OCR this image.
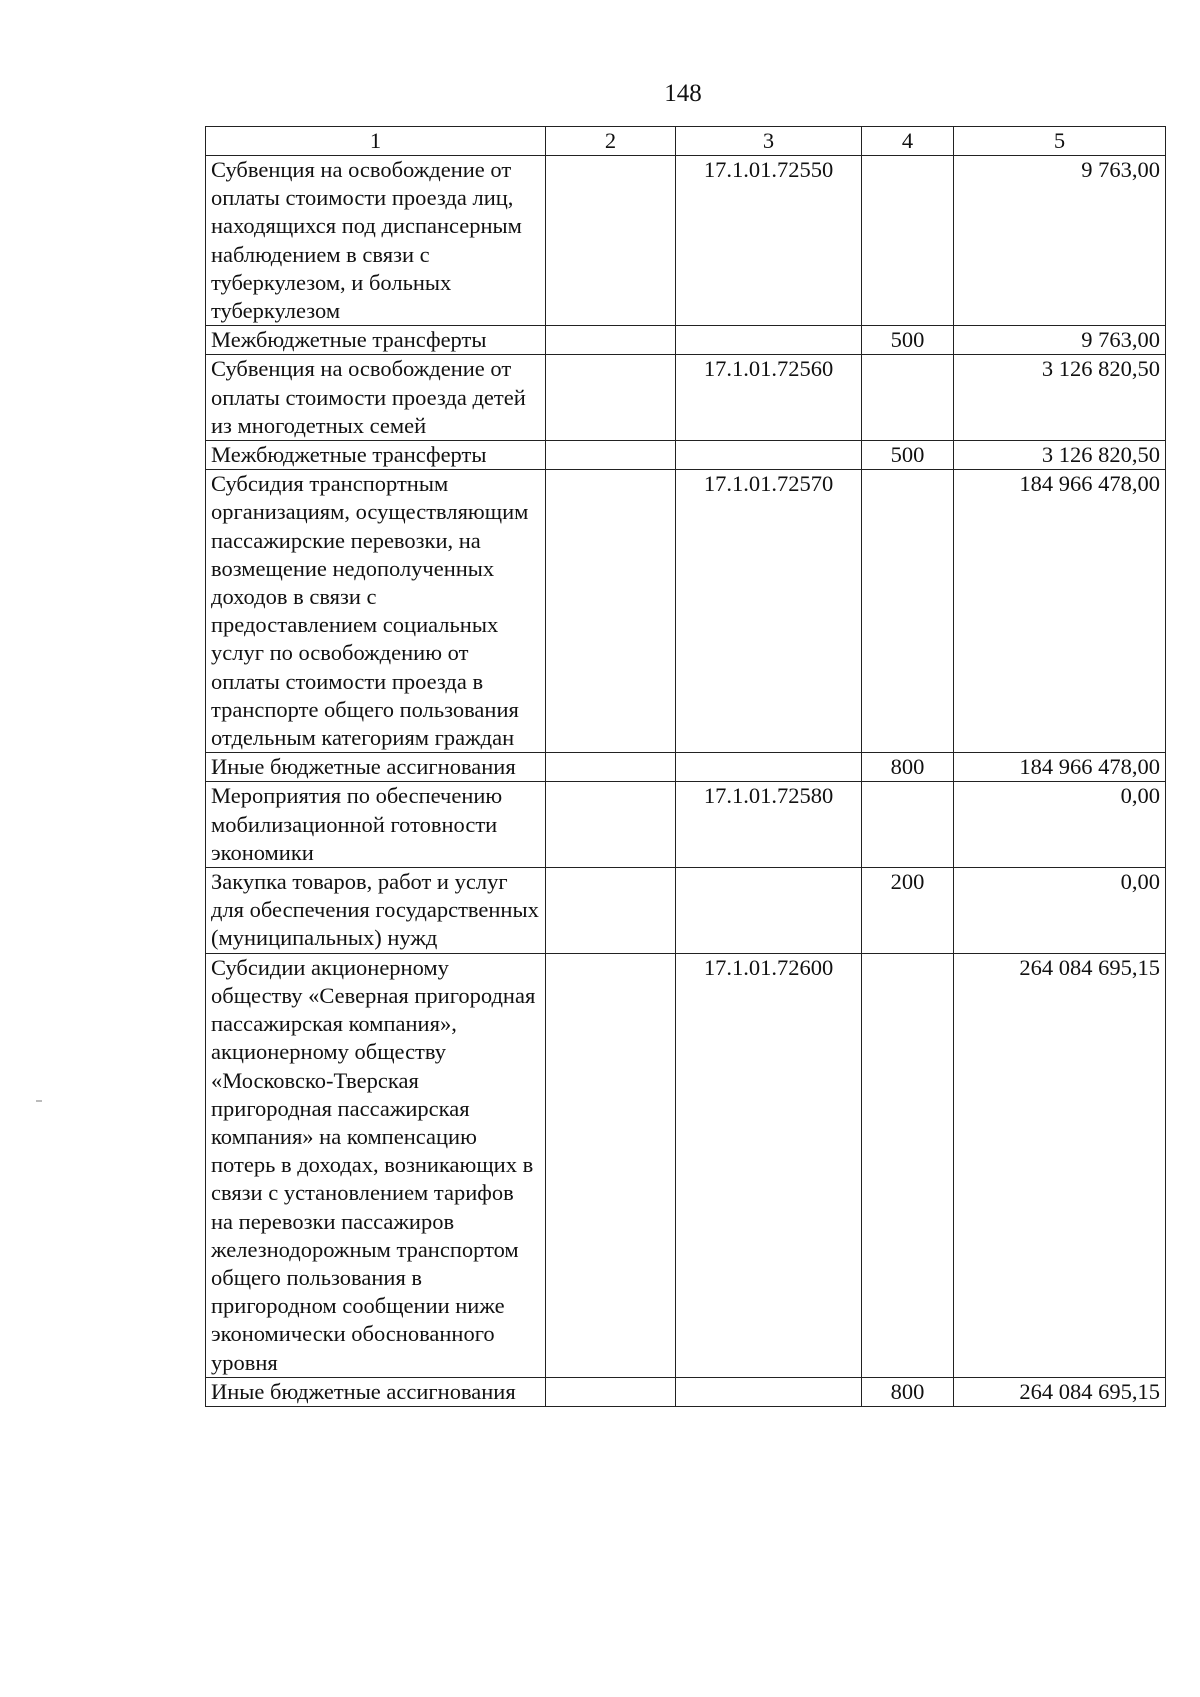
148
1	2	3	4	5
Субвенция на освобождение от оплаты стоимости проезда лиц, находящихся под диспансерным наблюдением в связи с туберкулезом, и больных туберкулезом		17.1.01.72550		9 763,00
Межбюджетные трансферты			500	9 763,00
Субвенция на освобождение от оплаты стоимости проезда детей из многодетных семей		17.1.01.72560		3 126 820,50
Межбюджетные трансферты			500	3 126 820,50
Субсидия транспортным организациям, осуществляющим пассажирские перевозки, на возмещение недополученных доходов в связи с предоставлением социальных услуг по освобождению от оплаты стоимости проезда в транспорте общего пользования отдельным категориям граждан		17.1.01.72570		184 966 478,00
Иные бюджетные ассигнования			800	184 966 478,00
Мероприятия по обеспечению мобилизационной готовности экономики		17.1.01.72580		0,00
Закупка товаров, работ и услуг для обеспечения государственных (муниципальных) нужд			200	0,00
Субсидии акционерному обществу «Северная пригородная пассажирская компания», акционерному обществу «Московско-Тверская пригородная пассажирская компания» на компенсацию потерь в доходах, возникающих в связи с установлением тарифов на перевозки пассажиров железнодорожным транспортом общего пользования в пригородном сообщении ниже экономически обоснованного уровня		17.1.01.72600		264 084 695,15
Иные бюджетные ассигнования			800	264 084 695,15
